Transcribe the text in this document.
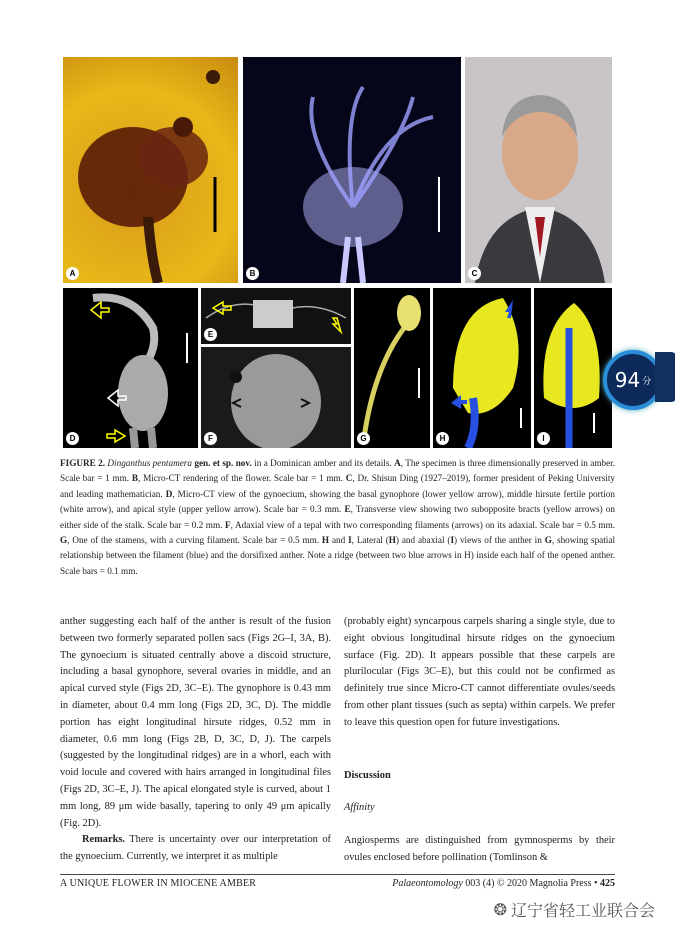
A	B	C
D
E
F	G	H	I
FIGURE 2. Dinganthus pentamera gen. et sp. nov. in a Dominican amber and its details. A, The specimen is three dimensionally preserved in amber. Scale bar = 1 mm. B, Micro-CT rendering of the flower. Scale bar = 1 mm. C, Dr. Shisun Ding (1927–2019), former president of Peking University and leading mathematician. D, Micro-CT view of the gynoecium, showing the basal gynophore (lower yellow arrow), middle hirsute fertile portion (white arrow), and apical style (upper yellow arrow). Scale bar = 0.3 mm. E, Transverse view showing two subopposite bracts (yellow arrows) on either side of the stalk. Scale bar = 0.2 mm. F, Adaxial view of a tepal with two corresponding filaments (arrows) on its adaxial. Scale bar = 0.5 mm. G, One of the stamens, with a curving filament. Scale bar = 0.5 mm. H and I, Lateral (H) and abaxial (I) views of the anther in G, showing spatial relationship between the filament (blue) and the dorsifixed anther. Note a ridge (between two blue arrows in H) inside each half of the opened anther. Scale bars = 0.1 mm.

anther suggesting each half of the anther is result of the fusion between two formerly separated pollen sacs (Figs 2G–I, 3A, B). The gynoecium is situated centrally above a discoid structure, including a basal gynophore, several ovaries in middle, and an apical curved style (Figs 2D, 3C–E). The gynophore is 0.43 mm in diameter, about 0.4 mm long (Figs 2D, 3C, D). The middle portion has eight longitudinal hirsute ridges, 0.52 mm in diameter, 0.6 mm long (Figs 2B, D, 3C, D, J). The carpels (suggested by the longitudinal ridges) are in a whorl, each with void locule and covered with hairs arranged in longitudinal files (Figs 2D, 3C–E, J). The apical elongated style is curved, about 1 mm long, 89 μm wide basally, tapering to only 49 μm apically (Fig. 2D).

Remarks. There is uncertainty over our interpretation of the gynoecium. Currently, we interpret it as multiple

(probably eight) syncarpous carpels sharing a single style, due to eight obvious longitudinal hirsute ridges on the gynoecium surface (Fig. 2D). It appears possible that these carpels are plurilocular (Figs 3C–E), but this could not be confirmed as definitely true since Micro-CT cannot differentiate ovules/seeds from other plant tissues (such as septa) within carpels. We prefer to leave this question open for future investigations.

Discussion

Affinity

Angiosperms are distinguished from gymnosperms by their ovules enclosed before pollination (Tomlinson &

A UNIQUE FLOWER IN MIOCENE AMBER	Palaeontomology 003 (4) © 2020 Magnolia Press • 425
❂ 辽宁省轻工业联合会
94 分
